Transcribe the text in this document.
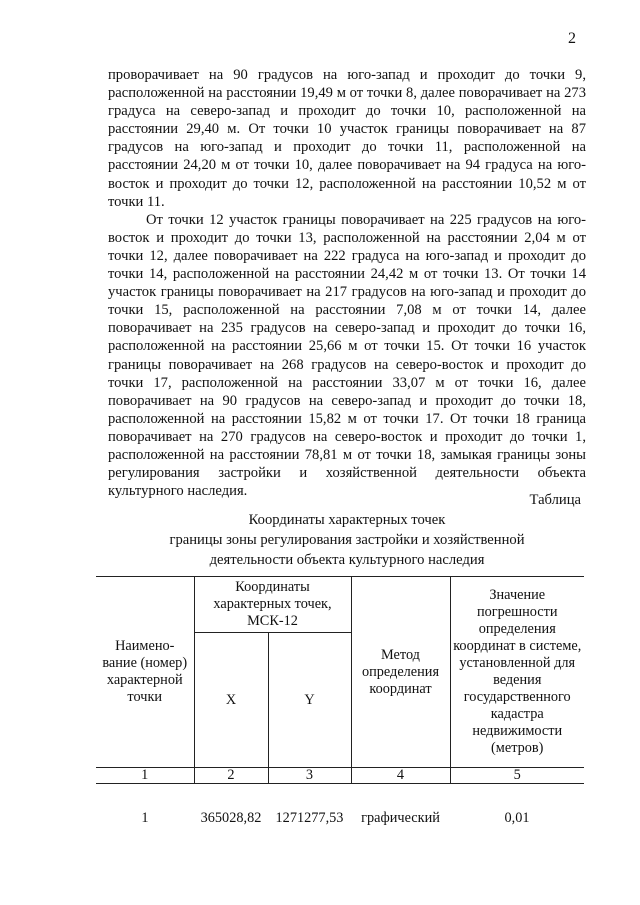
2

проворачивает на 90 градусов на юго-запад и проходит до точки 9, расположенной на расстоянии 19,49 м от точки 8, далее поворачивает на 273 градуса на северо-запад и проходит до точки 10, расположенной на расстоянии 29,40 м. От точки 10 участок границы поворачивает на 87 градусов на юго-запад и проходит до точки 11, расположенной на расстоянии 24,20 м от точки 10, далее поворачивает на 94 градуса на юго-восток и проходит до точки 12, расположенной на расстоянии 10,52 м от точки 11.

От точки 12 участок границы поворачивает на 225 градусов на юго-восток и проходит до точки 13, расположенной на расстоянии 2,04 м от точки 12, далее поворачивает на 222 градуса на юго-запад и проходит до точки 14, расположенной на расстоянии 24,42 м от точки 13. От точки 14 участок границы поворачивает на 217 градусов на юго-запад и проходит до точки 15, расположенной на расстоянии 7,08 м от точки 14, далее поворачивает на 235 градусов на северо-запад и проходит до точки 16, расположенной на расстоянии 25,66 м от точки 15. От точки 16 участок границы поворачивает на 268 градусов на северо-восток и проходит до точки 17, расположенной на расстоянии 33,07 м от точки 16, далее поворачивает на 90 градусов на северо-запад и проходит до точки 18, расположенной на расстоянии 15,82 м от точки 17. От точки 18 граница поворачивает на 270 градусов на северо-восток и проходит до точки 1, расположенной на расстоянии 78,81 м от точки 18, замыкая границы зоны регулирования застройки и хозяйственной деятельности объекта культурного наследия.

Таблица
Координаты характерных точек
границы зоны регулирования застройки и хозяйственной
деятельности объекта культурного наследия
Наимено-вание (номер) характерной точки	Координаты характерных точек, МСК-12		Метод определения координат	Значение погрешности определения координат в системе, установленной для ведения государственного кадастра недвижимости (метров)
	X	Y		
1	2	3	4	5
1	365028,82	1271277,53	графический	0,01
